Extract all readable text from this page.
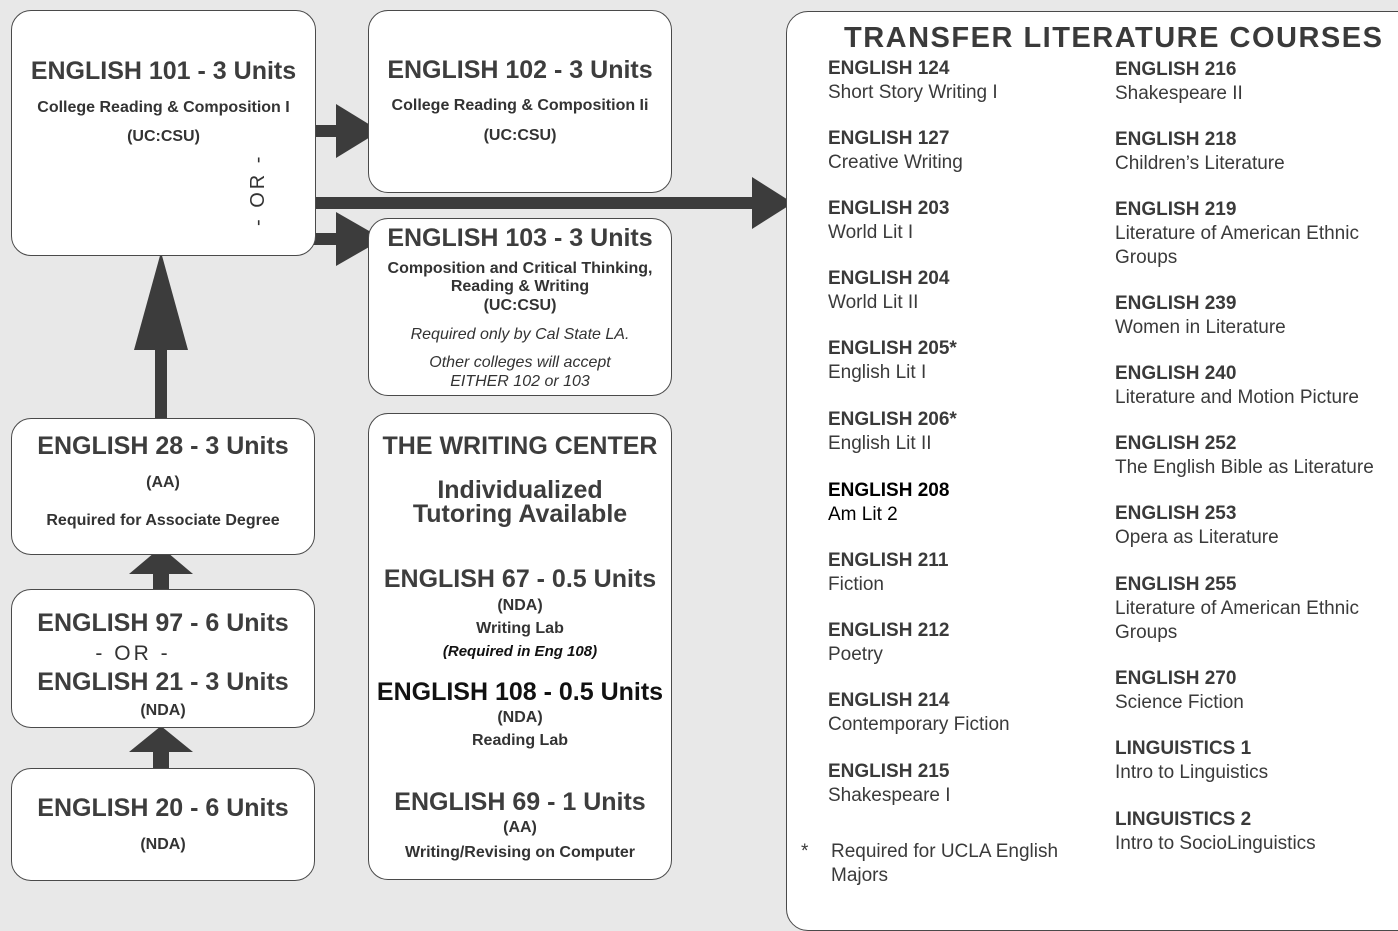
ENGLISH 101 - 3 Units
College Reading & Composition I
(UC:CSU)
- OR -
ENGLISH 102 - 3 Units
College Reading & Composition Ii
(UC:CSU)
ENGLISH 103 - 3 Units
Composition and Critical Thinking,
Reading & Writing
(UC:CSU)
Required only by Cal State LA.
Other colleges will accept
EITHER 102 or 103
ENGLISH 28 - 3 Units
(AA)
Required for Associate Degree
ENGLISH 97 - 6 Units
- OR -
ENGLISH 21 - 3 Units
(NDA)
ENGLISH 20 - 6 Units
(NDA)
THE WRITING CENTER
Individualized
Tutoring Available
ENGLISH 67 - 0.5 Units
(NDA)
Writing Lab
(Required in Eng 108)
ENGLISH 108 - 0.5 Units
(NDA)
Reading Lab
ENGLISH 69 - 1 Units
(AA)
Writing/Revising on Computer
TRANSFER LITERATURE COURSES
ENGLISH 124
Short Story Writing I
ENGLISH 127
Creative Writing
ENGLISH 203
World Lit I
ENGLISH 204
World Lit II
ENGLISH 205*
English Lit I
ENGLISH 206*
English Lit II
ENGLISH 208
Am Lit 2
ENGLISH 211
Fiction
ENGLISH 212
Poetry
ENGLISH 214
Contemporary Fiction
ENGLISH 215
Shakespeare I
ENGLISH 216
Shakespeare II
ENGLISH 218
Children’s Literature
ENGLISH 219
Literature of American Ethnic Groups
ENGLISH 239
Women in Literature
ENGLISH 240
Literature and Motion Picture
ENGLISH 252
The English Bible as Literature
ENGLISH 253
Opera as Literature
ENGLISH 255
Literature of American Ethnic Groups
ENGLISH 270
Science Fiction
LINGUISTICS 1
Intro to Linguistics
LINGUISTICS 2
Intro to SocioLinguistics
* Required for UCLA English Majors
